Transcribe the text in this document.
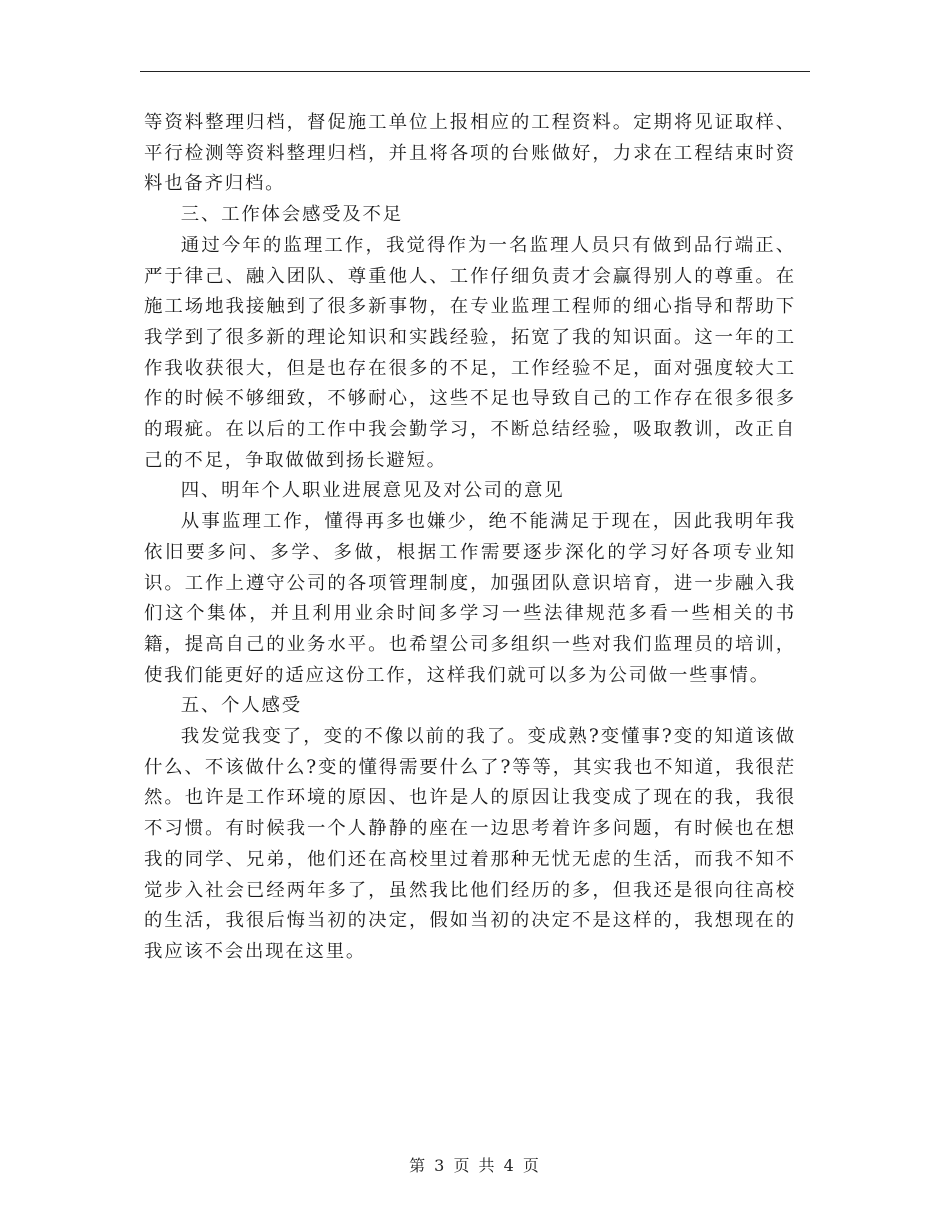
等资料整理归档，督促施工单位上报相应的工程资料。定期将见证取样、平行检测等资料整理归档，并且将各项的台账做好，力求在工程结束时资料也备齐归档。

三、工作体会感受及不足

通过今年的监理工作，我觉得作为一名监理人员只有做到品行端正、严于律己、融入团队、尊重他人、工作仔细负责才会赢得别人的尊重。在施工场地我接触到了很多新事物，在专业监理工程师的细心指导和帮助下我学到了很多新的理论知识和实践经验，拓宽了我的知识面。这一年的工作我收获很大，但是也存在很多的不足，工作经验不足，面对强度较大工作的时候不够细致，不够耐心，这些不足也导致自己的工作存在很多很多的瑕疵。在以后的工作中我会勤学习，不断总结经验，吸取教训，改正自己的不足，争取做做到扬长避短。

四、明年个人职业进展意见及对公司的意见

从事监理工作，懂得再多也嫌少，绝不能满足于现在，因此我明年我依旧要多问、多学、多做，根据工作需要逐步深化的学习好各项专业知识。工作上遵守公司的各项管理制度，加强团队意识培育，进一步融入我们这个集体，并且利用业余时间多学习一些法律规范多看一些相关的书籍，提高自己的业务水平。也希望公司多组织一些对我们监理员的培训，使我们能更好的适应这份工作，这样我们就可以多为公司做一些事情。

五、个人感受

我发觉我变了，变的不像以前的我了。变成熟?变懂事?变的知道该做什么、不该做什么?变的懂得需要什么了?等等，其实我也不知道，我很茫然。也许是工作环境的原因、也许是人的原因让我变成了现在的我，我很不习惯。有时候我一个人静静的座在一边思考着许多问题，有时候也在想我的同学、兄弟，他们还在高校里过着那种无忧无虑的生活，而我不知不觉步入社会已经两年多了，虽然我比他们经历的多，但我还是很向往高校的生活，我很后悔当初的决定，假如当初的决定不是这样的，我想现在的我应该不会出现在这里。

第 3 页 共 4 页
